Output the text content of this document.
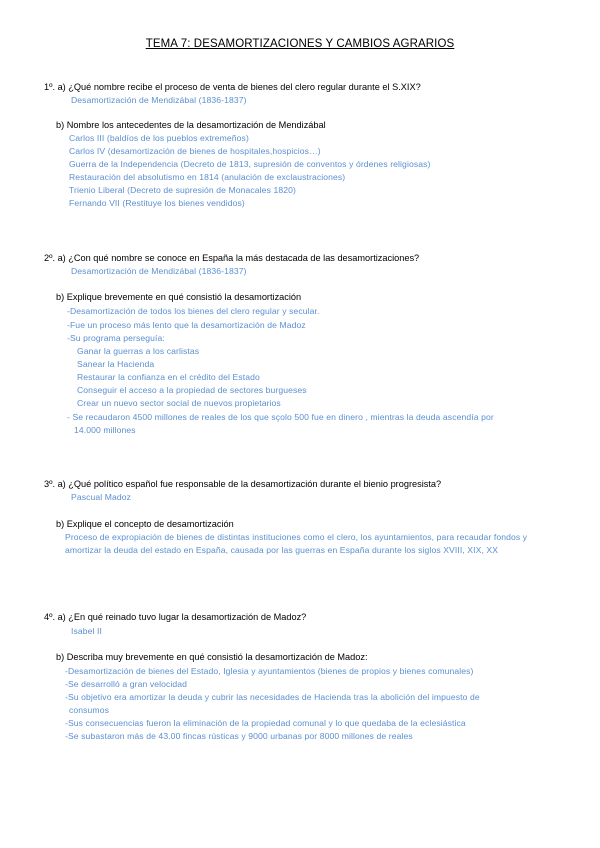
TEMA 7: DESAMORTIZACIONES Y CAMBIOS AGRARIOS
1º. a) ¿Qué nombre recibe el proceso de venta de bienes del clero regular durante el S.XIX?
Desamortización de Mendizábal (1836-1837)
b) Nombre los antecedentes de la desamortización de Mendizábal
Carlos III (baldíos de los pueblos extremeños)
Carlos IV (desamortización de bienes de hospitales,hospicios…)
Guerra de la Independencia (Decreto de 1813, supresión de conventos y órdenes religiosas)
Restauración del absolutismo en 1814 (anulación de exclaustraciones)
Trienio Liberal (Decreto de supresión de Monacales 1820)
Fernando VII (Restituye los bienes vendidos)
2º. a) ¿Con qué nombre se conoce en España la más destacada de las desamortizaciones?
Desamortización de Mendizábal (1836-1837)
b) Explique brevemente en qué consistió la desamortización
-Desamortización de todos los bienes del clero regular y secular.
-Fue un proceso más lento que la desamortización de Madoz
-Su programa perseguía:
Ganar la guerras a los carlistas
Sanear la Hacienda
Restaurar la confianza en el crédito del Estado
Conseguir el acceso a la propiedad de sectores burgueses
Crear un nuevo sector social de nuevos propietarios
- Se recaudaron 4500 millones de reales de los que sçolo 500 fue en dinero , mientras la deuda ascendía por
14.000 millones
3º. a) ¿Qué político español fue responsable de la desamortización durante el bienio progresista?
Pascual Madoz
b) Explique el concepto de desamortización
Proceso de expropiación de bienes de distintas instituciones como el clero, los ayuntamientos, para recaudar fondos y amortizar la deuda del estado en España, causada por las guerras en España durante los siglos XVIII, XIX, XX
4º. a) ¿En qué reinado tuvo lugar la desamortización de Madoz?
Isabel II
b) Describa muy brevemente en qué consistió la desamortización de Madoz:
-Desamortización de bienes del Estado, Iglesia y ayuntamientos (bienes de propios y bienes comunales)
-Se desarrolló a gran velocidad
-Su objetivo era amortizar la deuda y cubrir las necesidades de Hacienda tras la abolición del impuesto de
consumos
-Sus consecuencias fueron la eliminación de la propiedad comunal y lo que quedaba de la eclesiástica
-Se subastaron más de 43.00 fincas rústicas y 9000 urbanas por 8000 millones de reales
